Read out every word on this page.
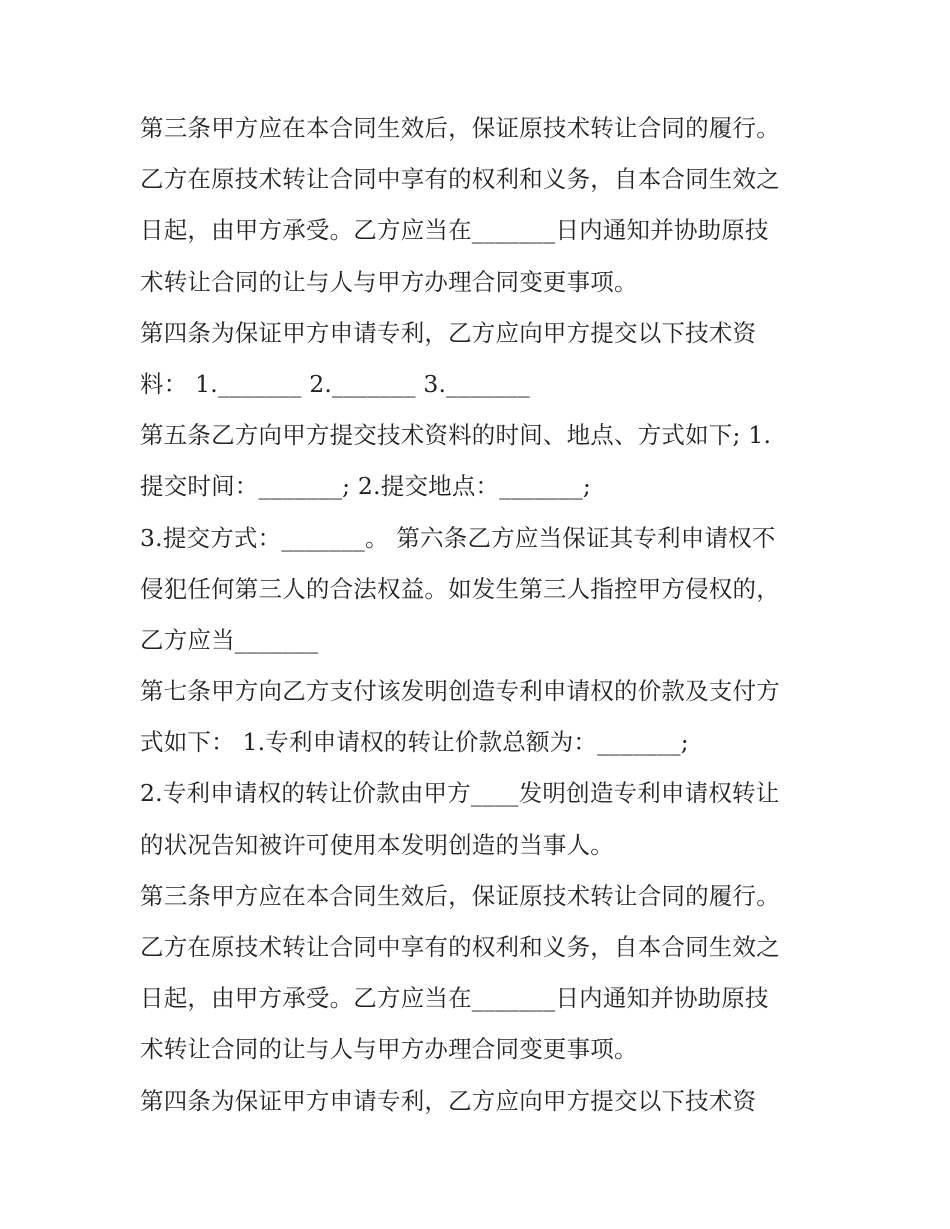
第三条甲方应在本合同生效后，保证原技术转让合同的履行。
乙方在原技术转让合同中享有的权利和义务，自本合同生效之
日起，由甲方承受。乙方应当在_______日内通知并协助原技
术转让合同的让与人与甲方办理合同变更事项。
第四条为保证甲方申请专利，乙方应向甲方提交以下技术资
料： 1._______ 2._______ 3._______
第五条乙方向甲方提交技术资料的时间、地点、方式如下; 1.
提交时间：_______; 2.提交地点：_______;
3.提交方式：_______。 第六条乙方应当保证其专利申请权不
侵犯任何第三人的合法权益。如发生第三人指控甲方侵权的，
乙方应当_______
第七条甲方向乙方支付该发明创造专利申请权的价款及支付方
式如下： 1.专利申请权的转让价款总额为：_______;
2.专利申请权的转让价款由甲方____发明创造专利申请权转让
的状况告知被许可使用本发明创造的当事人。
第三条甲方应在本合同生效后，保证原技术转让合同的履行。
乙方在原技术转让合同中享有的权利和义务，自本合同生效之
日起，由甲方承受。乙方应当在_______日内通知并协助原技
术转让合同的让与人与甲方办理合同变更事项。
第四条为保证甲方申请专利，乙方应向甲方提交以下技术资
